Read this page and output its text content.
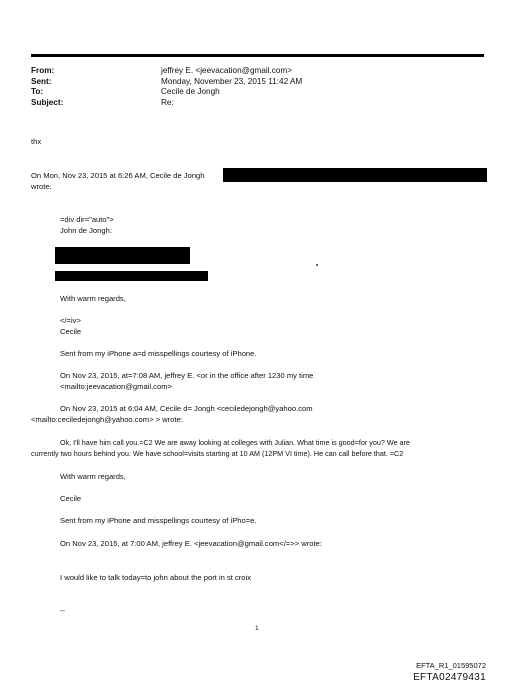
From:	jeffrey E. <jeevacation@gmail.com>
Sent:	Monday, November 23, 2015 11:42 AM
To:	Cecile de Jongh
Subject:	Re:
thx
On Mon, Nov 23, 2015 at 6:26 AM, Cecile de Jongh
wrote:
=div dir="auto">
John de Jongh:
With warm regards,
</=iv>
Cecile
Sent from my iPhone a=d misspellings courtesy of iPhone.
On Nov 23, 2015, at=7:08 AM, jeffrey E. <or in the office after 1230 my time
<mailto:jeevacation@gmail.com>
On Nov 23, 2015 at 6:04 AM, Cecile d= Jongh <ceciledejongh@yahoo.com
<mailto:ceciledejongh@yahoo.com> > wrote:
Ok, I'll have him call you.=C2 We are away looking at colleges with Julian. What time is good=for you? We are
currently two hours behind you. We have school=visits starting at 10 AM (12PM VI time). He can call before that. =C2
With warm regards,
Cecile
Sent from my iPhone and misspellings courtesy of iPho=e.
On Nov 23, 2015, at 7:00 AM, jeffrey E. <jeevacation@gmail.com</=>> wrote:
I would like to talk today=to john about the port in st croix
--
1
EFTA_R1_01595072
EFTA02479431
